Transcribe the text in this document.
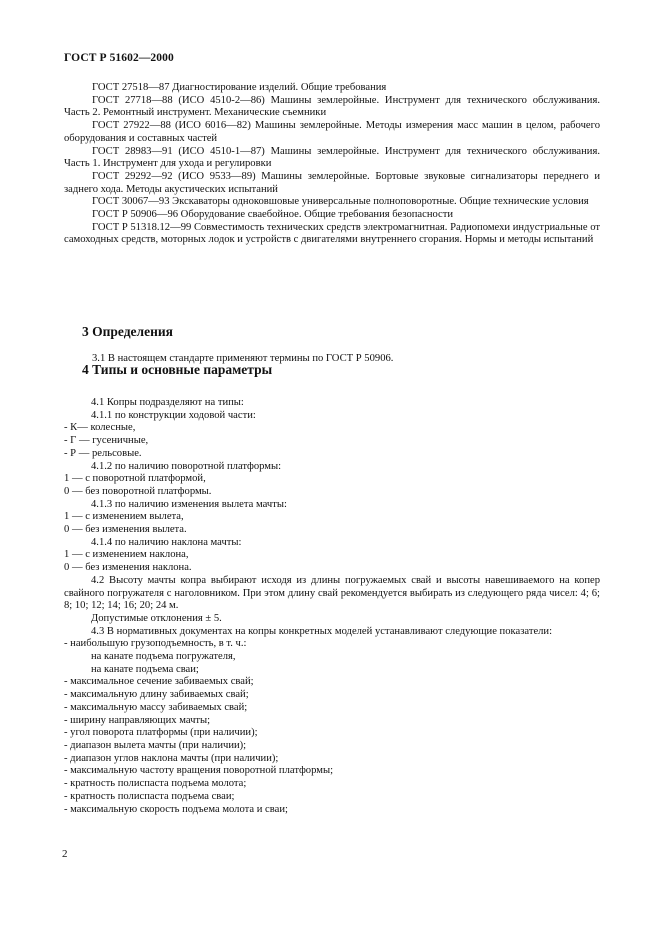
ГОСТ Р 51602—2000

ГОСТ 27518—87 Диагностирование изделий. Общие требования

ГОСТ 27718—88 (ИСО 4510-2—86) Машины землеройные. Инструмент для технического обслуживания. Часть 2. Ремонтный инструмент. Механические съемники

ГОСТ 27922—88 (ИСО 6016—82) Машины землеройные. Методы измерения масс машин в целом, рабочего оборудования и составных частей

ГОСТ 28983—91 (ИСО 4510-1—87) Машины землеройные. Инструмент для технического обслуживания. Часть 1. Инструмент для ухода и регулировки

ГОСТ 29292—92 (ИСО 9533—89) Машины землеройные. Бортовые звуковые сигнализаторы переднего и заднего хода. Методы акустических испытаний

ГОСТ 30067—93 Экскаваторы одноковшовые универсальные полноповоротные. Общие технические условия

ГОСТ Р 50906—96 Оборудование сваебойное. Общие требования безопасности

ГОСТ Р 51318.12—99 Совместимость технических средств электромагнитная. Радиопомехи индустриальные от самоходных средств, моторных лодок и устройств с двигателями внутреннего сгорания. Нормы и методы испытаний

3 Определения
3.1 В настоящем стандарте применяют термины по ГОСТ Р 50906.
4 Типы и основные параметры

4.1 Копры подразделяют на типы:

4.1.1 по конструкции ходовой части:

- К— колесные,

- Г — гусеничные,

- Р — рельсовые.

4.1.2 по наличию поворотной платформы:

1 — с поворотной платформой,

0 — без поворотной платформы.

4.1.3 по наличию изменения вылета мачты:

1 — с изменением вылета,

0 — без изменения вылета.

4.1.4 по наличию наклона мачты:

1 — с изменением наклона,

0 — без изменения наклона.

4.2 Высоту мачты копра выбирают исходя из длины погружаемых свай и высоты навешиваемого на копер свайного погружателя с наголовником. При этом длину свай рекомендуется выбирать из следующего ряда чисел: 4; 6; 8; 10; 12; 14; 16; 20; 24 м.

Допустимые отклонения ± 5.

4.3 В нормативных документах на копры конкретных моделей устанавливают следующие показатели:

- наибольшую грузоподъемность, в т. ч.:

на канате подъема погружателя,

на канате подъема сваи;

- максимальное сечение забиваемых свай;

- максимальную длину забиваемых свай;

- максимальную массу забиваемых свай;

- ширину направляющих мачты;

- угол поворота платформы (при наличии);

- диапазон вылета мачты (при наличии);

- диапазон углов наклона мачты (при наличии);

- максимальную частоту вращения поворотной платформы;

- кратность полиспаста подъема молота;

- кратность полиспаста подъема сваи;

- максимальную скорость подъема молота и сваи;

2
